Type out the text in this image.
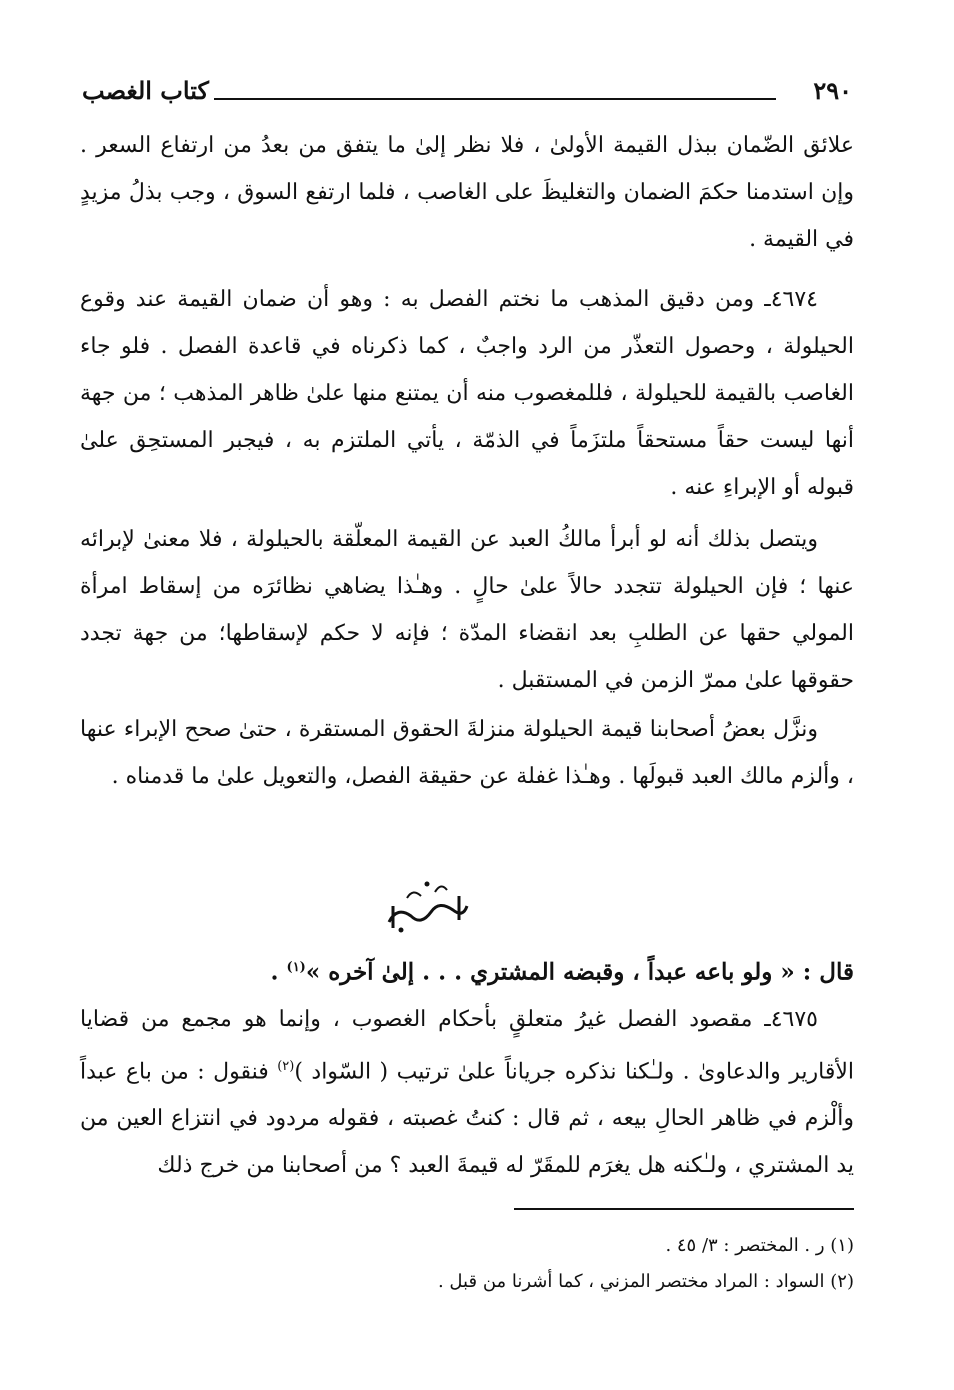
٢٩٠
كتاب الغصب

علائق الضّمان ببذل القيمة الأولىٰ ، فلا نظر إلىٰ ما يتفق من بعدُ من ارتفاع السعر . وإن استدمنا حكمَ الضمان والتغليظَ على الغاصب ، فلما ارتفع السوق ، وجب بذلُ مزيدٍ في القيمة .

٤٦٧٤ـ ومن دقيق المذهب ما نختم الفصل به : وهو أن ضمان القيمة عند وقوع الحيلولة ، وحصول التعذّر من الرد واجبٌ ، كما ذكرناه في قاعدة الفصل . فلو جاء الغاصب بالقيمة للحيلولة ، فللمغصوب منه أن يمتنع منها علىٰ ظاهر المذهب ؛ من جهة أنها ليست حقاً مستحقاً ملتزَماً في الذمّة ، يأتي الملتزم به ، فيجبر المستحِق علىٰ قبوله أو الإبراءِ عنه .

ويتصل بذلك أنه لو أبرأ مالكُ العبد عن القيمة المعلّقة بالحيلولة ، فلا معنىٰ لإبرائه عنها ؛ فإن الحيلولة تتجدد حالاً علىٰ حالٍ . وهـٰذا يضاهي نظائرَه من إسقاط امرأة المولي حقها عن الطلبِ بعد انقضاء المدّة ؛ فإنه لا حكم لإسقاطها؛ من جهة تجدد حقوقها علىٰ ممرّ الزمن في المستقبل .

ونزَّل بعضُ أصحابنا قيمة الحيلولة منزلةَ الحقوق المستقرة ، حتىٰ صحح الإبراء عنها ، وألزم مالك العبد قبولَها . وهـٰذا غفلة عن حقيقة الفصل، والتعويل علىٰ ما قدمناه .

قال : « ولو باعه عبداً ، وقبضه المشتري . . . إلىٰ آخره »$^{(١)}$ .

٤٦٧٥ـ مقصود الفصل غيرُ متعلقٍ بأحكام الغصوب ، وإنما هو مجمع من قضايا الأقارير والدعاوىٰ . ولـٰكنا نذكره جرياناً علىٰ ترتيب ( السّواد )$^{(٢)}$ فنقول : من باع عبداً وألْزم في ظاهر الحالِ بيعه ، ثم قال : كنتُ غصبته ، فقوله مردود في انتزاع العين من يد المشتري ، ولـٰكنه هل يغرَم للمقَرّ له قيمةَ العبد ؟ من أصحابنا من خرج ذلك

(١) ر . المختصر : ٣/ ٤٥ .
(٢) السواد : المراد مختصر المزني ، كما أشرنا من قبل .
